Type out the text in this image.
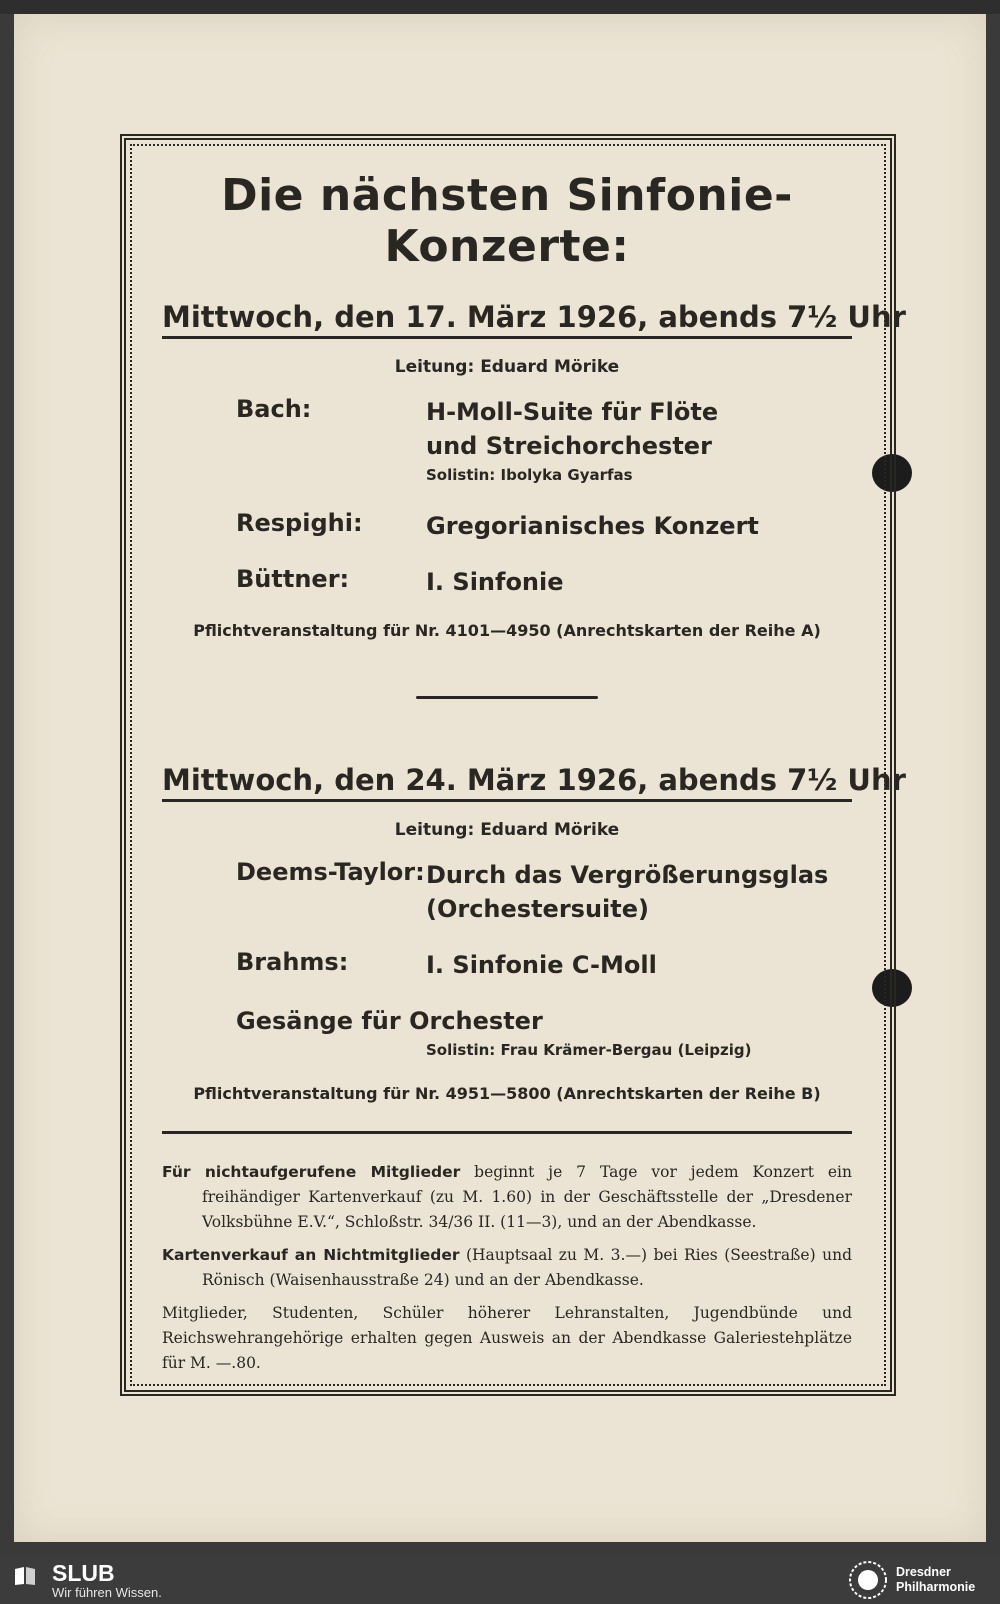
Die nächsten Sinfonie-Konzerte:
Mittwoch, den 17. März 1926, abends 7½ Uhr
Leitung: Eduard Mörike
Bach:	H-Moll-Suite für Flöte
und Streichorchester
Solistin: Ibolyka Gyarfas
Respighi:	Gregorianisches Konzert
Büttner:	I. Sinfonie
Pflichtveranstaltung für Nr. 4101—4950 (Anrechtskarten der Reihe A)
Mittwoch, den 24. März 1926, abends 7½ Uhr
Leitung: Eduard Mörike
Deems-Taylor: Durch das Vergrößerungsglas
(Orchestersuite)
Brahms:	I. Sinfonie C-Moll
Gesänge für Orchester
Solistin: Frau Krämer-Bergau (Leipzig)
Pflichtveranstaltung für Nr. 4951—5800 (Anrechtskarten der Reihe B)
Für nichtaufgerufene Mitglieder beginnt je 7 Tage vor jedem Konzert ein freihändiger Kartenverkauf (zu M. 1.60) in der Geschäftsstelle der „Dresdener Volksbühne E.V.“, Schloßstr. 34/36 II. (11—3), und an der Abendkasse.
Kartenverkauf an Nichtmitglieder (Hauptsaal zu M. 3.—) bei Ries (Seestraße) und Rönisch (Waisenhausstraße 24) und an der Abendkasse.
Mitglieder, Studenten, Schüler höherer Lehranstalten, Jugendbünde und Reichswehrangehörige erhalten gegen Ausweis an der Abendkasse Galeriestehplätze für M. —.80.
SLUB
Wir führen Wissen.
Dresdner
Philharmonie
